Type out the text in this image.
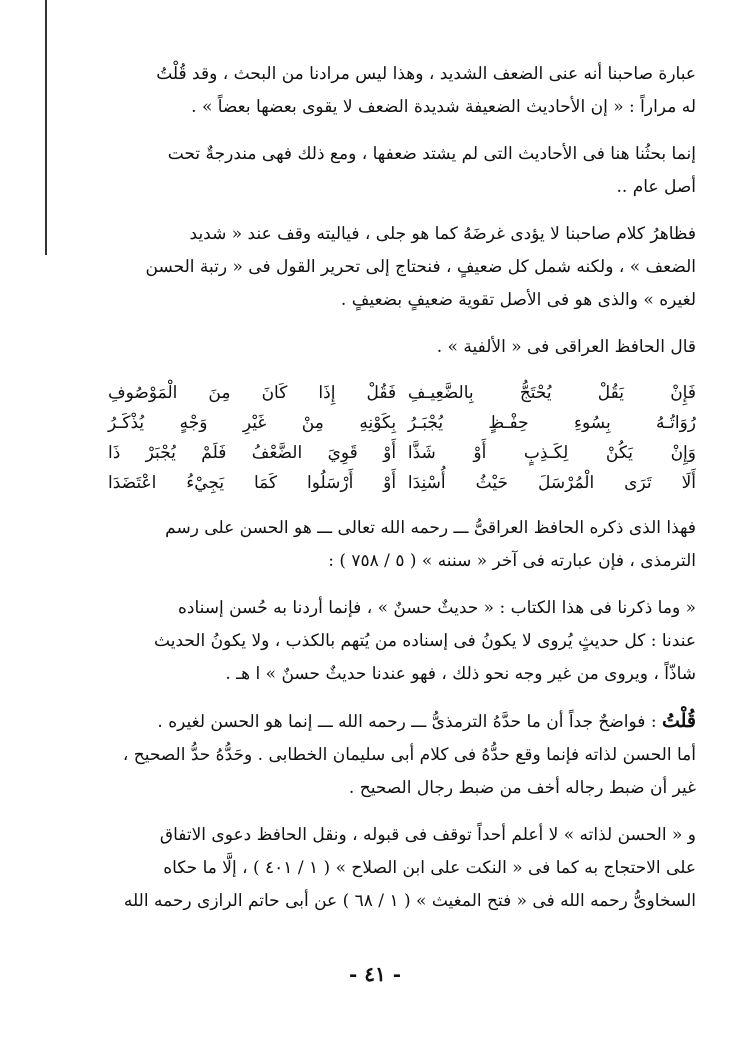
عبارة صاحبنا أنه عنى الضعف الشديد ، وهذا ليس مرادنا من البحث ، وقد قُلْتُ
له مراراً : « إن الأحاديث الضعيفة شديدة الضعف لا يقوى بعضها بعضاً » .

إنما بحثُنا هنا فى الأحاديث التى لم يشتد ضعفها ، ومع ذلك فهى مندرجةٌ تحت
أصل عام ..

فظاهرُ كلام صاحبنا لا يؤدى غرضَهُ كما هو جلى ، فياليته وقف عند « شديد
الضعف » ، ولكنه شمل كل ضعيفٍ ، فنحتاج إلى تحرير القول فى « رتبة الحسن
لغيره » والذى هو فى الأصل تقوية ضعيفٍ بضعيفٍ .

قال الحافظ العراقى فى « الألفية » .

فَإِنْ يَقُلْ يُحْتَجُّ بِالضَّعِيـفِ
فَقُلْ إِذَا كَانَ مِنَ الْمَوْصُوفِ
رُوَاتُـهُ بِسُوءِ حِفْـظٍ يُجْبَـرُ
بِكَوْنِهِ مِنْ غَيْرِ وَجْهٍ يُذْكَـرُ
وَإِنْ يَكُنْ لِكَـذِبٍ أَوْ شَذَّا
أَوْ قَوِيَ الضَّعْفُ فَلَمْ يُجْبَرْ ذَا
أَلَا تَرَى الْمُرْسَلَ حَيْثُ أُسْنِدَا
أَوْ أَرْسَلُوا كَمَا يَجِيْءُ اعْتَضَدَا

فهذا الذى ذكره الحافظ العراقىُّ ـــ رحمه الله تعالى ـــ هو الحسن على رسم
الترمذى ، فإن عبارته فى آخر « سننه » ( ٥ / ٧٥٨ ) :

« وما ذكرنا فى هذا الكتاب : « حديثٌ حسنٌ » ، فإنما أردنا به حُسن إسناده
عندنا : كل حديثٍ يُروى لا يكونُ فى إسناده من يُتهم بالكذب ، ولا يكونُ الحديث
شاذّاً ، ويروى من غير وجه نحو ذلك ، فهو عندنا حديثٌ حسنٌ » ا هـ .

قُلْتُ : فواضحٌ جداً أن ما حدَّهُ الترمذىُّ ـــ رحمه الله ـــ إنما هو الحسن لغيره .
أما الحسن لذاته فإنما وقع حدُّهُ فى كلام أبى سليمان الخطابى . وحَدُّهُ حدُّ الصحيح ،
غير أن ضبط رجاله أخف من ضبط رجال الصحيح .

و « الحسن لذاته » لا أعلم أحداً توقف فى قبوله ، ونقل الحافظ دعوى الاتفاق
على الاحتجاج به كما فى « النكت على ابن الصلاح » ( ١ / ٤٠١ ) ، إلَّا ما حكاه
السخاوىُّ رحمه الله فى « فتح المغيث » ( ١ / ٦٨ ) عن أبى حاتم الرازى رحمه الله

- ٤١ -
